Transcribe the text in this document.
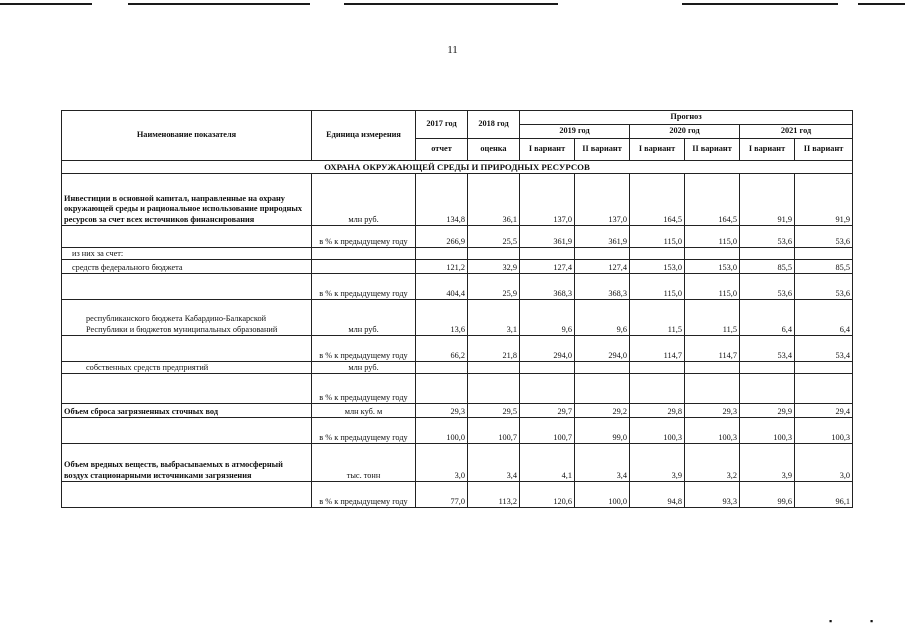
11
Наименование показателя	Единица измерения	2017 год	2018 год	Прогноз					
				2019 год		2020 год		2021 год	
		отчет	оценка	I вариант	II вариант	I вариант	II вариант	I вариант	II вариант
ОХРАНА ОКРУЖАЮЩЕЙ СРЕДЫ И ПРИРОДНЫХ РЕСУРСОВ									
Инвестиции в основной капитал, направленные на охрану окружающей среды и рациональное использование природных ресурсов за счет всех источников финансирования	млн руб.	134,8	36,1	137,0	137,0	164,5	164,5	91,9	91,9
	в % к предыдущему году	266,9	25,5	361,9	361,9	115,0	115,0	53,6	53,6
из них за счет:									
средств федерального бюджета		121,2	32,9	127,4	127,4	153,0	153,0	85,5	85,5
	в % к предыдущему году	404,4	25,9	368,3	368,3	115,0	115,0	53,6	53,6
республиканского бюджета Кабардино-Балкарской Республики и бюджетов муниципальных образований	млн руб.	13,6	3,1	9,6	9,6	11,5	11,5	6,4	6,4
	в % к предыдущему году	66,2	21,8	294,0	294,0	114,7	114,7	53,4	53,4
собственных средств предприятий	млн руб.								
	в % к предыдущему году								
Объем сброса загрязненных сточных вод	млн куб. м	29,3	29,5	29,7	29,2	29,8	29,3	29,9	29,4
	в % к предыдущему году	100,0	100,7	100,7	99,0	100,3	100,3	100,3	100,3
Объем вредных веществ, выбрасываемых в атмосферный воздух стационарными источниками загрязнения	тыс. тонн	3,0	3,4	4,1	3,4	3,9	3,2	3,9	3,0
	в % к предыдущему году	77,0	113,2	120,6	100,0	94,8	93,3	99,6	96,1
▪	▪
